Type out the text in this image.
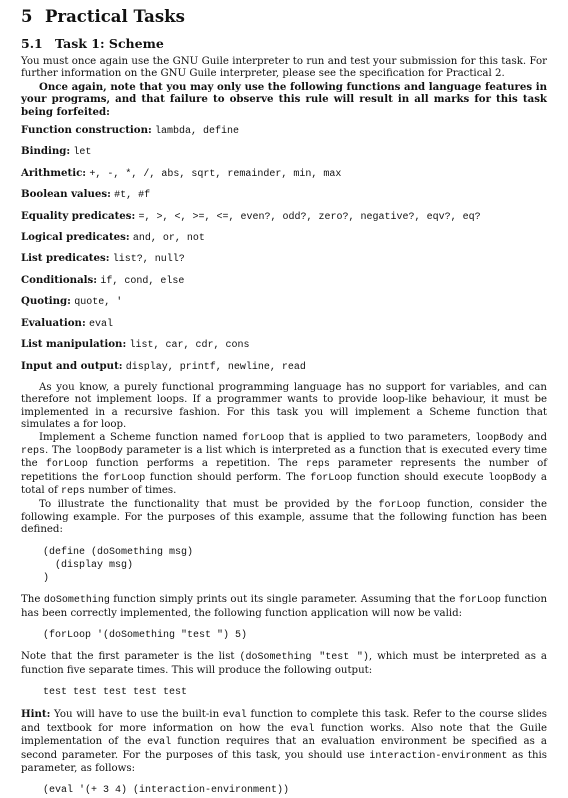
5 Practical Tasks
5.1 Task 1: Scheme

You must once again use the GNU Guile interpreter to run and test your submission for this task. For further information on the GNU Guile interpreter, please see the specification for Practical 2.

Once again, note that you may only use the following functions and language features in your programs, and that failure to observe this rule will result in all marks for this task being forfeited:

Function construction: lambda, define

Binding: let

Arithmetic: +, -, *, /, abs, sqrt, remainder, min, max

Boolean values: #t, #f

Equality predicates: =, >, <, >=, <=, even?, odd?, zero?, negative?, eqv?, eq?

Logical predicates: and, or, not

List predicates: list?, null?

Conditionals: if, cond, else

Quoting: quote, '

Evaluation: eval

List manipulation: list, car, cdr, cons

Input and output: display, printf, newline, read

As you know, a purely functional programming language has no support for variables, and can therefore not implement loops. If a programmer wants to provide loop-like behaviour, it must be implemented in a recursive fashion. For this task you will implement a Scheme function that simulates a for loop.

Implement a Scheme function named forLoop that is applied to two parameters, loopBody and reps. The loopBody parameter is a list which is interpreted as a function that is executed every time the forLoop function performs a repetition. The reps parameter represents the number of repetitions the forLoop function should perform. The forLoop function should execute loopBody a total of reps number of times.

To illustrate the functionality that must be provided by the forLoop function, consider the following example. For the purposes of this example, assume that the following function has been defined:

(define (doSomething msg)
(display msg)
)

The doSomething function simply prints out its single parameter. Assuming that the forLoop function has been correctly implemented, the following function application will now be valid:

(forLoop '(doSomething "test ") 5)

Note that the first parameter is the list (doSomething "test "), which must be interpreted as a function five separate times. This will produce the following output:

test test test test test

Hint: You will have to use the built-in eval function to complete this task. Refer to the course slides and textbook for more information on how the eval function works. Also note that the Guile implementation of the eval function requires that an evaluation environment be specified as a second parameter. For the purposes of this task, you should use interaction-environment as this parameter, as follows:

(eval '(+ 3 4) (interaction-environment))
